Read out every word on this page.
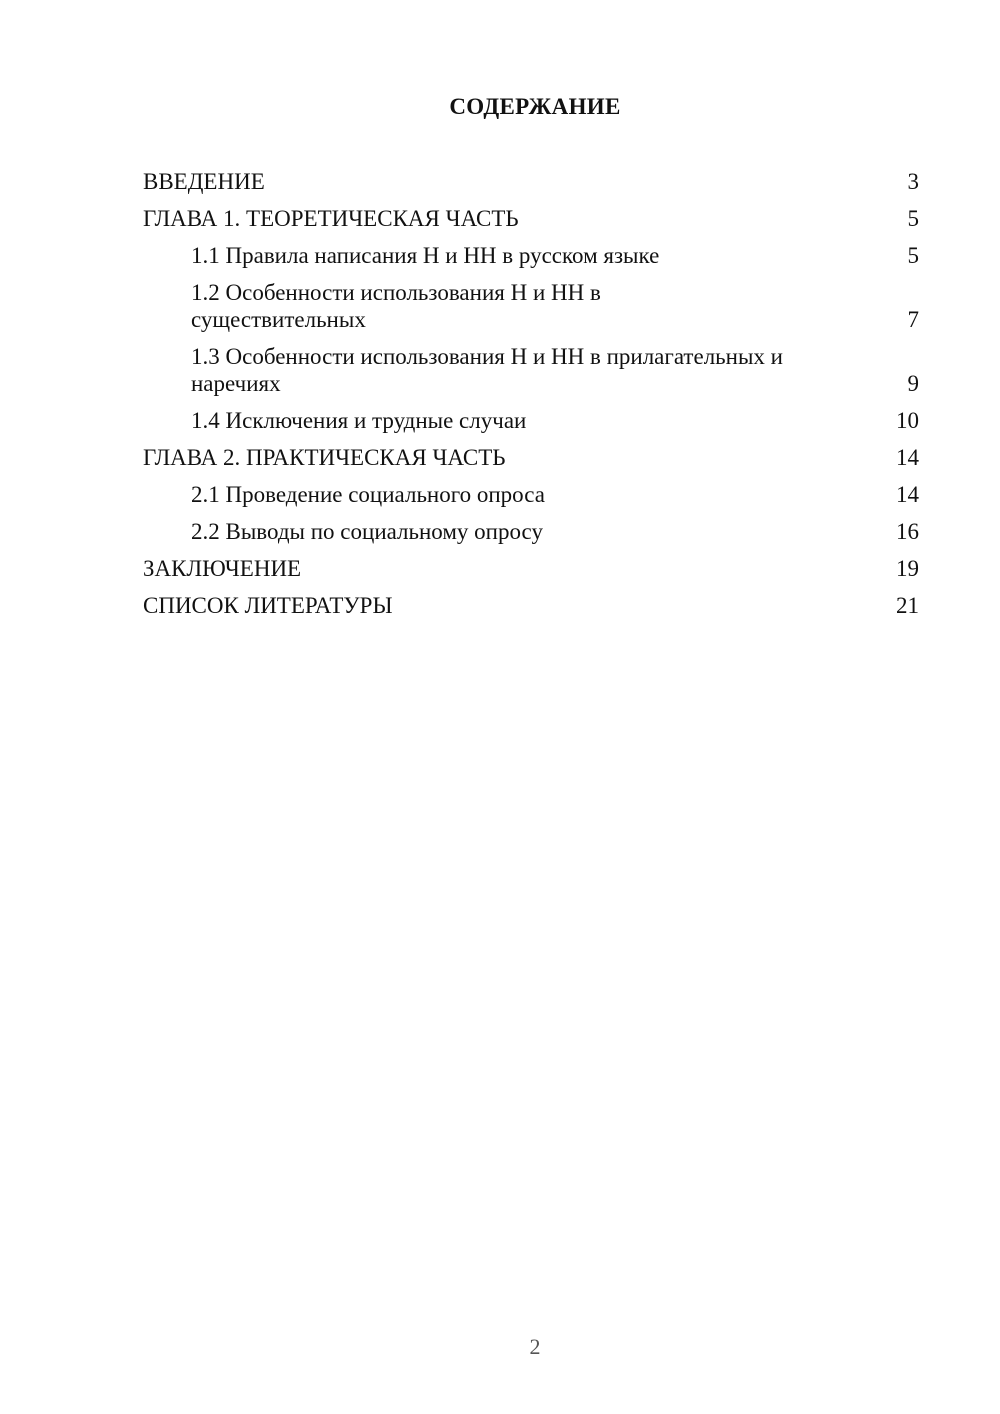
СОДЕРЖАНИЕ
ВВЕДЕНИЕ	3
ГЛАВА 1. ТЕОРЕТИЧЕСКАЯ ЧАСТЬ	5
1.1 Правила написания Н и НН в русском языке	5
1.2 Особенности использования Н и НН в существительных	7
1.3 Особенности использования Н и НН в прилагательных и наречиях	9
1.4 Исключения и трудные случаи	10
ГЛАВА 2. ПРАКТИЧЕСКАЯ ЧАСТЬ	14
2.1 Проведение социального опроса	14
2.2 Выводы по социальному опросу	16
ЗАКЛЮЧЕНИЕ	19
СПИСОК ЛИТЕРАТУРЫ	21
2
